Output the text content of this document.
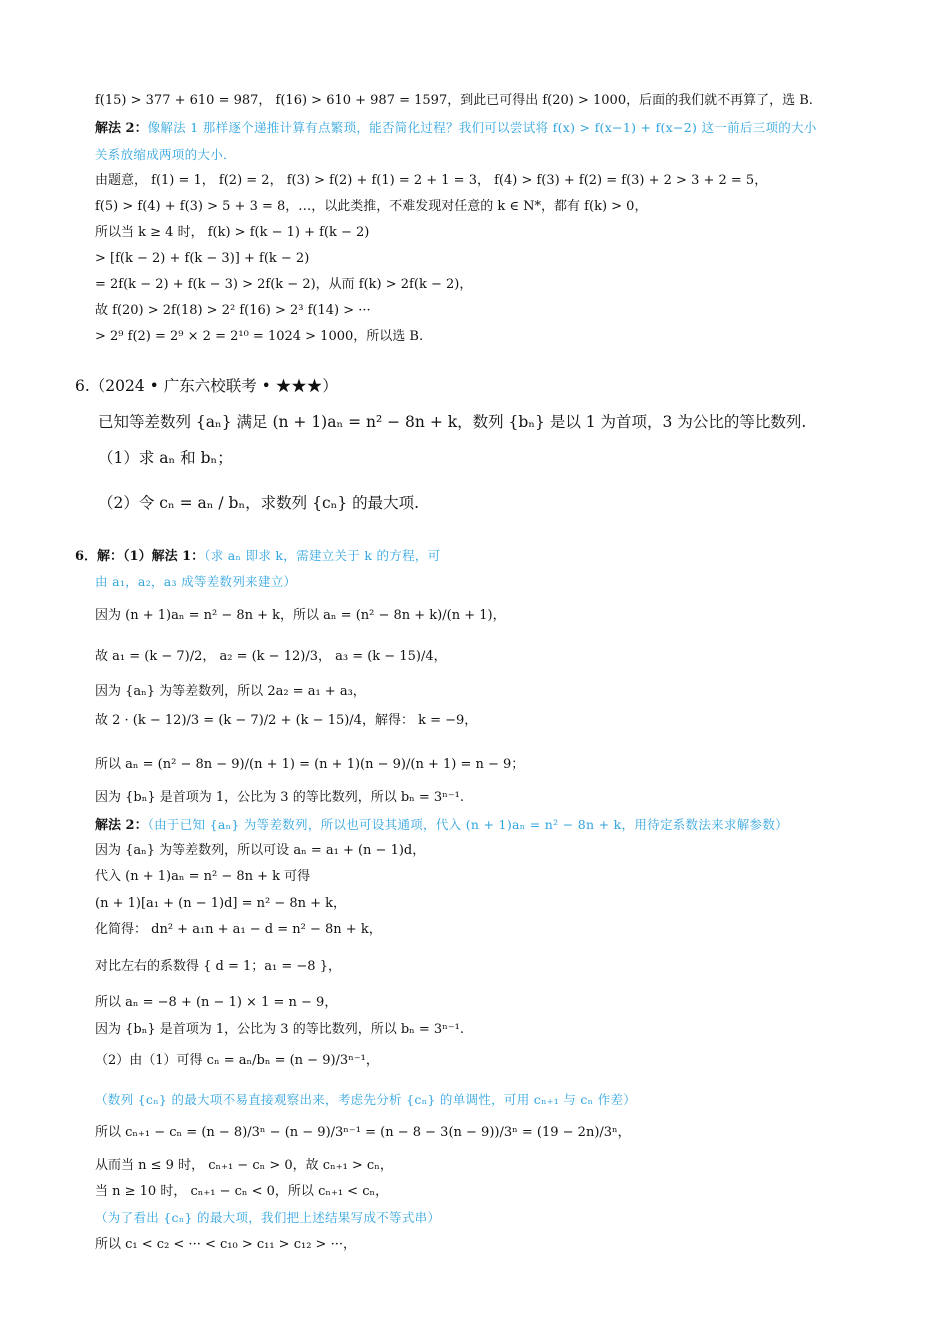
f(15) > 377 + 610 = 987， f(16) > 610 + 987 = 1597，到此已可得出 f(20) > 1000，后面的我们就不再算了，选 B.
解法 2：像解法 1 那样逐个递推计算有点繁琐，能否简化过程？我们可以尝试将 f(x) > f(x−1) + f(x−2) 这一前后三项的大小
关系放缩成两项的大小．
由题意， f(1) = 1， f(2) = 2， f(3) > f(2) + f(1) = 2 + 1 = 3， f(4) > f(3) + f(2) = f(3) + 2 > 3 + 2 = 5，
f(5) > f(4) + f(3) > 5 + 3 = 8，…，以此类推，不难发现对任意的 k ∈ N*，都有 f(k) > 0，
所以当 k ≥ 4 时， f(k) > f(k − 1) + f(k − 2)
> [f(k − 2) + f(k − 3)] + f(k − 2)
= 2f(k − 2) + f(k − 3) > 2f(k − 2)，从而 f(k) > 2f(k − 2)，
故 f(20) > 2f(18) > 2² f(16) > 2³ f(14) > ···
> 2⁹ f(2) = 2⁹ × 2 = 2¹⁰ = 1024 > 1000，所以选 B.
6.（2024 • 广东六校联考 • ★★★）
已知等差数列 {aₙ} 满足 (n + 1)aₙ = n² − 8n + k，数列 {bₙ} 是以 1 为首项，3 为公比的等比数列.
（1）求 aₙ 和 bₙ；
（2）令 cₙ = aₙ / bₙ，求数列 {cₙ} 的最大项.
6．解：（1）解法 1：（求 aₙ 即求 k，需建立关于 k 的方程，可
由 a₁，a₂，a₃ 成等差数列来建立）
因为 (n + 1)aₙ = n² − 8n + k，所以 aₙ = (n² − 8n + k)/(n + 1)，
故 a₁ = (k − 7)/2， a₂ = (k − 12)/3， a₃ = (k − 15)/4，
因为 {aₙ} 为等差数列，所以 2a₂ = a₁ + a₃，
故 2 · (k − 12)/3 = (k − 7)/2 + (k − 15)/4，解得： k = −9，
所以 aₙ = (n² − 8n − 9)/(n + 1) = (n + 1)(n − 9)/(n + 1) = n − 9；
因为 {bₙ} 是首项为 1，公比为 3 的等比数列，所以 bₙ = 3ⁿ⁻¹.
解法 2：（由于已知 {aₙ} 为等差数列，所以也可设其通项，代入 (n + 1)aₙ = n² − 8n + k，用待定系数法来求解参数）
因为 {aₙ} 为等差数列，所以可设 aₙ = a₁ + (n − 1)d，
代入 (n + 1)aₙ = n² − 8n + k 可得
(n + 1)[a₁ + (n − 1)d] = n² − 8n + k，
化简得： dn² + a₁n + a₁ − d = n² − 8n + k，
对比左右的系数得 { d = 1；a₁ = −8 }，
所以 aₙ = −8 + (n − 1) × 1 = n − 9，
因为 {bₙ} 是首项为 1，公比为 3 的等比数列，所以 bₙ = 3ⁿ⁻¹.
（2）由（1）可得 cₙ = aₙ/bₙ = (n − 9)/3ⁿ⁻¹，
（数列 {cₙ} 的最大项不易直接观察出来，考虑先分析 {cₙ} 的单调性，可用 cₙ₊₁ 与 cₙ 作差）
所以 cₙ₊₁ − cₙ = (n − 8)/3ⁿ − (n − 9)/3ⁿ⁻¹ = (n − 8 − 3(n − 9))/3ⁿ = (19 − 2n)/3ⁿ，
从而当 n ≤ 9 时， cₙ₊₁ − cₙ > 0，故 cₙ₊₁ > cₙ，
当 n ≥ 10 时， cₙ₊₁ − cₙ < 0，所以 cₙ₊₁ < cₙ，
（为了看出 {cₙ} 的最大项，我们把上述结果写成不等式串）
所以 c₁ < c₂ < ··· < c₁₀ > c₁₁ > c₁₂ > ···，
